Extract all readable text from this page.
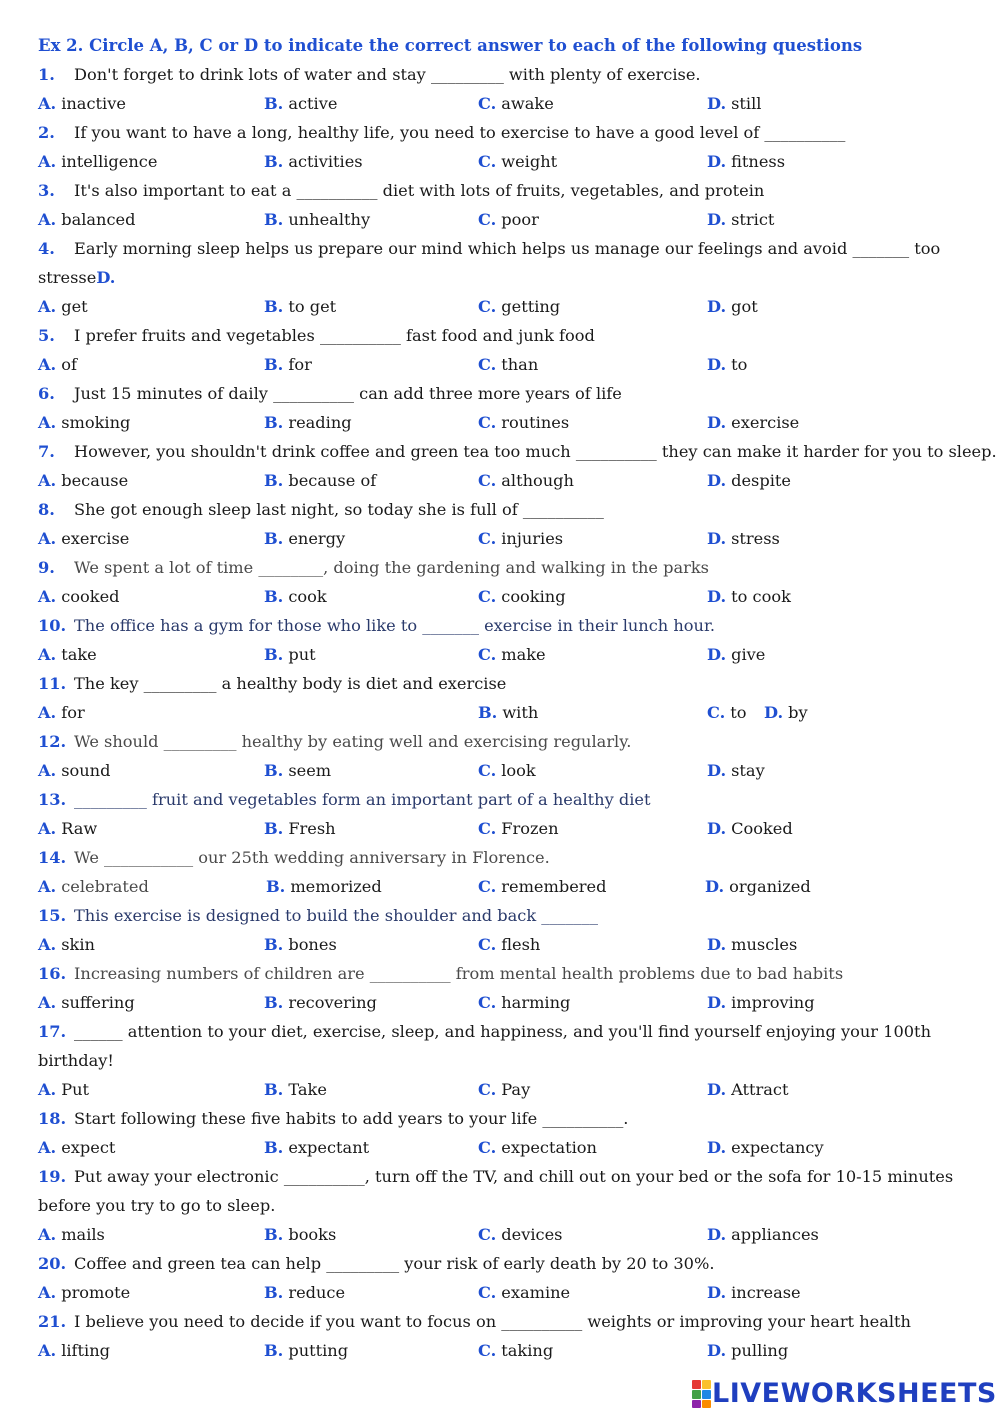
Ex 2. Circle A, B, C or D to indicate the correct answer to each of the following questions
1. Don't forget to drink lots of water and stay _________ with plenty of exercise.
A. inactive	B. active	C. awake	D. still
2. If you want to have a long, healthy life, you need to exercise to have a good level of __________
A. intelligence	B. activities	C. weight	D. fitness
3. It's also important to eat a __________ diet with lots of fruits, vegetables, and protein
A. balanced	B. unhealthy	C. poor	D. strict
4. Early morning sleep helps us prepare our mind which helps us manage our feelings and avoid _______ too
stresseD.
A. get	B. to get	C. getting	D. got
5. I prefer fruits and vegetables __________ fast food and junk food
A. of	B. for	C. than	D. to
6. Just 15 minutes of daily __________ can add three more years of life
A. smoking	B. reading	C. routines	D. exercise
7. However, you shouldn't drink coffee and green tea too much __________ they can make it harder for you to sleep.
A. because	B. because of	C. although	D. despite
8. She got enough sleep last night, so today she is full of __________
A. exercise	B. energy	C. injuries	D. stress
9. We spent a lot of time ________, doing the gardening and walking in the parks
A. cooked	B. cook	C. cooking	D. to cook
10. The office has a gym for those who like to _______ exercise in their lunch hour.
A. take	B. put	C. make	D. give
11. The key _________ a healthy body is diet and exercise
A. for	B. with	C. to D. by
12. We should _________ healthy by eating well and exercising regularly.
A. sound	B. seem	C. look	D. stay
13. _________ fruit and vegetables form an important part of a healthy diet
A. Raw	B. Fresh	C. Frozen	D. Cooked
14. We ___________ our 25th wedding anniversary in Florence.
A. celebrated	B. memorized	C. remembered	D. organized
15. This exercise is designed to build the shoulder and back _______
A. skin	B. bones	C. flesh	D. muscles
16. Increasing numbers of children are __________ from mental health problems due to bad habits
A. suffering	B. recovering	C. harming	D. improving
17. ______ attention to your diet, exercise, sleep, and happiness, and you'll find yourself enjoying your 100th
birthday!
A. Put	B. Take	C. Pay	D. Attract
18. Start following these five habits to add years to your life __________.
A. expect	B. expectant	C. expectation	D. expectancy
19. Put away your electronic __________, turn off the TV, and chill out on your bed or the sofa for 10-15 minutes
before you try to go to sleep.
A. mails	B. books	C. devices	D. appliances
20. Coffee and green tea can help _________ your risk of early death by 20 to 30%.
A. promote	B. reduce	C. examine	D. increase
21. I believe you need to decide if you want to focus on __________ weights or improving your heart health
A. lifting	B. putting	C. taking	D. pulling
LIVEWORKSHEETS
